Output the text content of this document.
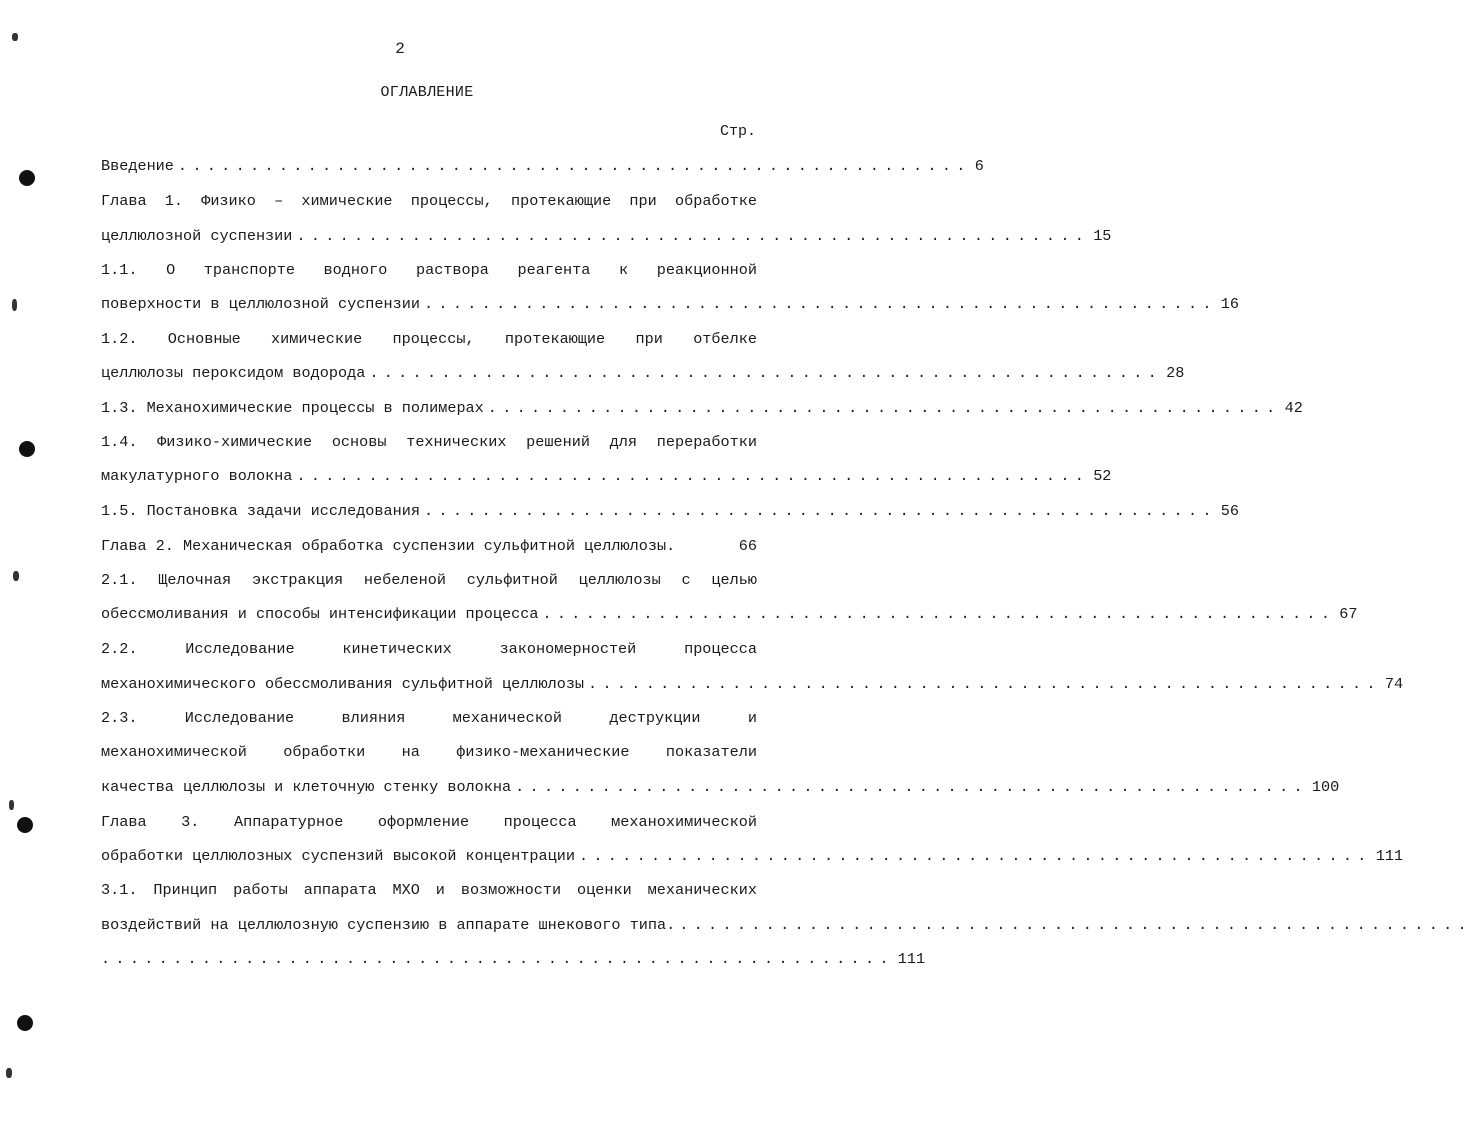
2
ОГЛАВЛЕНИЕ
Стр.
Введение ....................................................... 6
Глава 1. Физико – химические процессы, протекающие при обработке
целлюлозной суспензии ....................................................... 15
1.1. О транспорте водного раствора реагента к реакционной
поверхности в целлюлозной суспензии ....................................................... 16
1.2. Основные химические процессы, протекающие при отбелке
целлюлозы пероксидом водорода ....................................................... 28
1.3. Механохимические процессы в полимерах ....................................................... 42
1.4. Физико-химические основы технических решений для переработки
макулатурного волокна ....................................................... 52
1.5. Постановка задачи исследования ....................................................... 56
Глава 2. Механическая обработка суспензии сульфитной целлюлозы.	66
2.1. Щелочная экстракция небеленой сульфитной целлюлозы с целью
обессмоливания и способы интенсификации процесса ....................................................... 67
2.2. Исследование кинетических закономерностей процесса
механохимического обессмоливания сульфитной целлюлозы ....................................................... 74
2.3. Исследование влияния механической деструкции и
механохимической обработки на физико-механические показатели
качества целлюлозы и клеточную стенку волокна ....................................................... 100
Глава 3. Аппаратурное оформление процесса механохимической
обработки целлюлозных суспензий высокой концентрации ....................................................... 111
3.1. Принцип работы аппарата МХО и возможности оценки механических
воздействий на целлюлозную суспензию в аппарате шнекового типа. .......................................................
....................................................... 111
